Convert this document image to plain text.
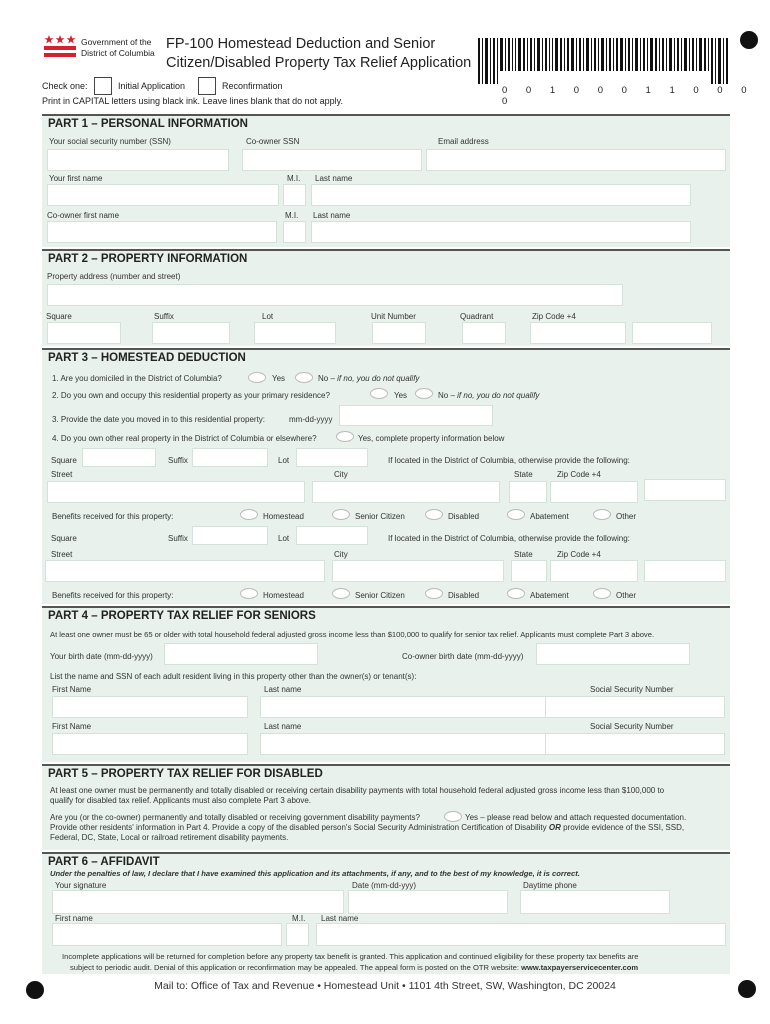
Government of the
District of Columbia
FP-100 Homestead Deduction and Senior
Citizen/Disabled Property Tax Relief Application
0 0 1 0 0 0 1 1 0 0 0 0
Check one:	Initial Application	Reconfirmation
Print in CAPITAL letters using black ink. Leave lines blank that do not apply.
PART 1 – PERSONAL INFORMATION
Your social security number (SSN)	Co-owner SSN	Email address
Your first name	M.I. Last name
Co-owner first name	M.I. Last name
PART 2 – PROPERTY INFORMATION
Property address (number and street)
Square	Suffix	Lot	Unit Number	Quadrant	Zip Code +4
PART 3 – HOMESTEAD DEDUCTION
1. Are you domiciled in the District of Columbia?	Yes	No – if no, you do not qualify
2. Do you own and occupy this residential property as your primary residence?	Yes	No – if no, you do not qualify
3. Provide the date you moved in to this residential property:	mm-dd-yyyy
4. Do you own other real property in the District of Columbia or elsewhere?	Yes, complete property information below
Square	Suffix	Lot	If located in the District of Columbia, otherwise provide the following:
Street	City	State	Zip Code +4
Benefits received for this property:	Homestead	Senior Citizen	Disabled	Abatement	Other
Square	Suffix	Lot	If located in the District of Columbia, otherwise provide the following:
Street	City	State	Zip Code +4
Benefits received for this property:	Homestead	Senior Citizen	Disabled	Abatement	Other
PART 4 – PROPERTY TAX RELIEF FOR SENIORS
At least one owner must be 65 or older with total household federal adjusted gross income less than $100,000 to qualify for senior tax relief. Applicants must complete Part 3 above.
Your birth date (mm-dd-yyyy)	Co-owner birth date (mm-dd-yyyy)
List the name and SSN of each adult resident living in this property other than the owner(s) or tenant(s):
First Name	Last name	Social Security Number
First Name	Last name	Social Security Number
PART 5 – PROPERTY TAX RELIEF FOR DISABLED
At least one owner must be permanently and totally disabled or receiving certain disability payments with total household federal adjusted gross income less than $100,000 to
qualify for disabled tax relief. Applicants must also complete Part 3 above.
Are you (or the co-owner) permanently and totally disabled or receiving government disability payments?	Yes – please read below and attach requested documentation.
Provide other residents' information in Part 4. Provide a copy of the disabled person's Social Security Administration Certification of Disability OR provide evidence of the SSI, SSD,
Federal, DC, State, Local or railroad retirement disability payments.
PART 6 – AFFIDAVIT
Under the penalties of law, I declare that I have examined this application and its attachments, if any, and to the best of my knowledge, it is correct.
Your signature	Date (mm-dd-yyy)	Daytime phone
First name	M.I. Last name
Incomplete applications will be returned for completion before any property tax benefit is granted. This application and continued eligibility for these property tax benefits are
subject to periodic audit. Denial of this application or reconfirmation may be appealed. The appeal form is posted on the OTR website: www.taxpayerservicecenter.com
Mail to: Office of Tax and Revenue • Homestead Unit • 1101 4th Street, SW, Washington, DC 20024
